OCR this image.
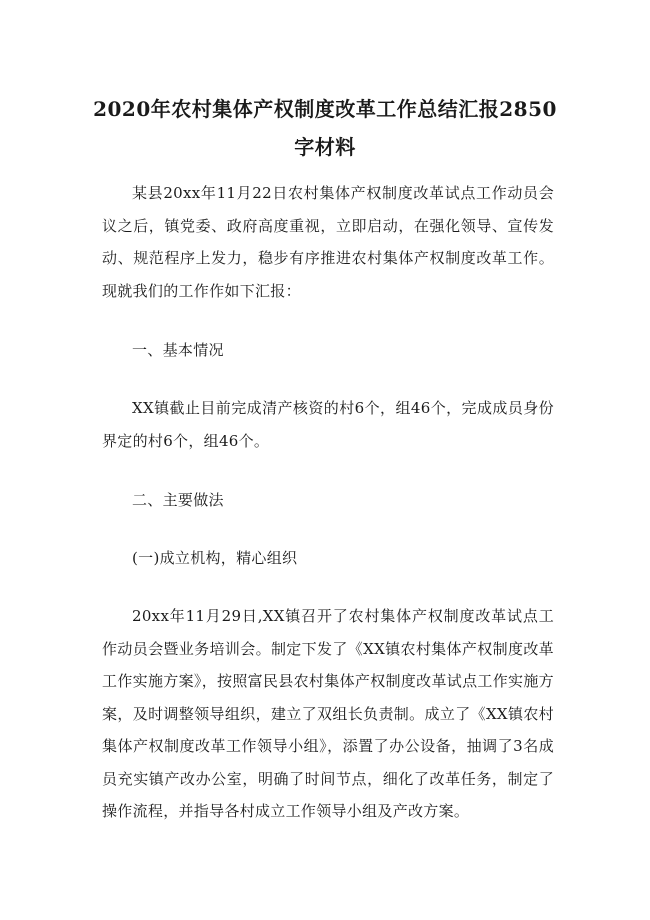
2020年农村集体产权制度改革工作总结汇报2850字材料
某县20xx年11月22日农村集体产权制度改革试点工作动员会议之后，镇党委、政府高度重视，立即启动，在强化领导、宣传发动、规范程序上发力，稳步有序推进农村集体产权制度改革工作。现就我们的工作作如下汇报：
一、基本情况
XX镇截止目前完成清产核资的村6个，组46个，完成成员身份界定的村6个，组46个。
二、主要做法
(一)成立机构，精心组织
20xx年11月29日,XX镇召开了农村集体产权制度改革试点工作动员会暨业务培训会。制定下发了《XX镇农村集体产权制度改革工作实施方案》，按照富民县农村集体产权制度改革试点工作实施方案，及时调整领导组织，建立了双组长负责制。成立了《XX镇农村集体产权制度改革工作领导小组》，添置了办公设备，抽调了3名成员充实镇产改办公室，明确了时间节点，细化了改革任务，制定了操作流程，并指导各村成立工作领导小组及产改方案。
